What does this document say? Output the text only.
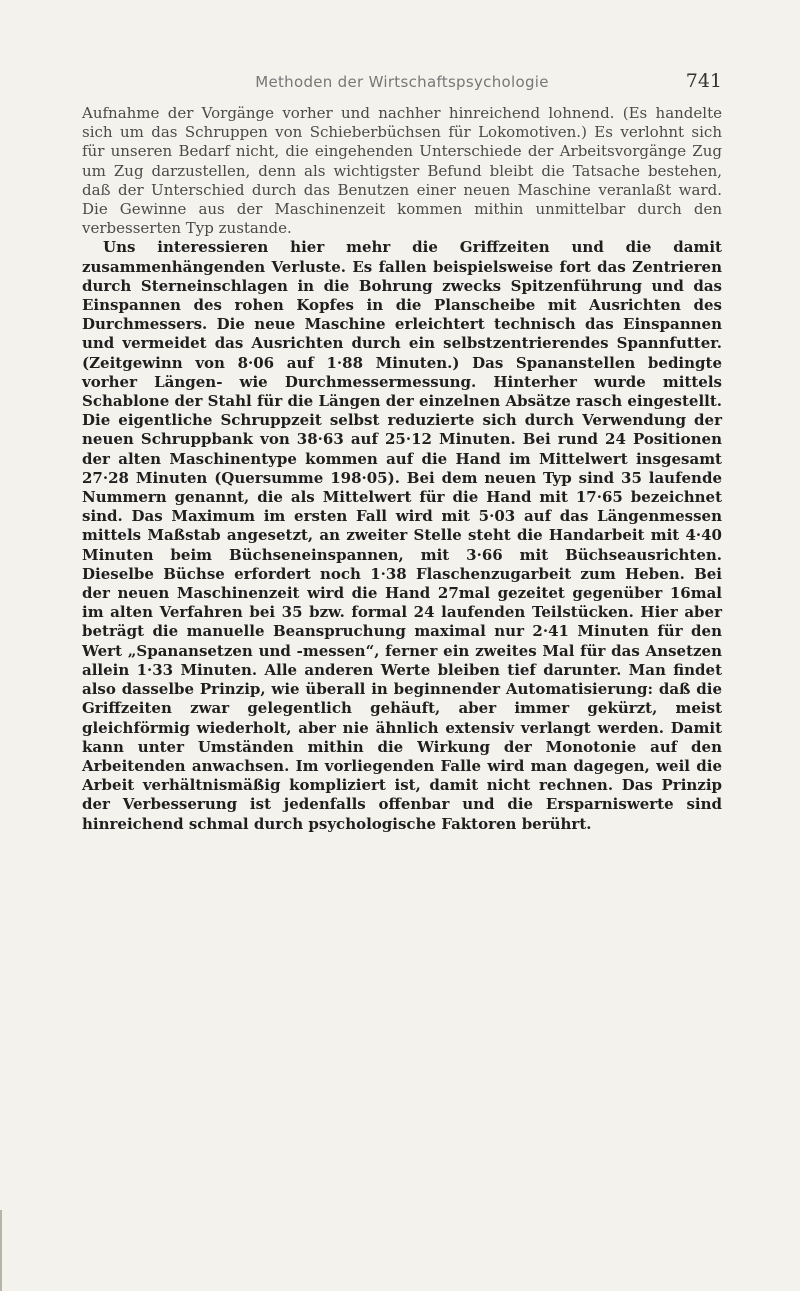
Methoden der Wirtschaftspsychologie	741

Aufnahme der Vorgänge vorher und nachher hinreichend lohnend. (Es handelte sich um das Schruppen von Schieberbüchsen für Lokomotiven.) Es verlohnt sich für unseren Bedarf nicht, die eingehenden Unterschiede der Arbeitsvorgänge Zug um Zug darzustellen, denn als wichtigster Befund bleibt die Tatsache bestehen, daß der Unterschied durch das Benutzen einer neuen Maschine veranlaßt ward. Die Gewinne aus der Maschinenzeit kommen mithin unmittelbar durch den verbesserten Typ zustande.

Uns interessieren hier mehr die Griffzeiten und die damit zusammenhängenden Verluste. Es fallen beispielsweise fort das Zentrieren durch Sterneinschlagen in die Bohrung zwecks Spitzenführung und das Einspannen des rohen Kopfes in die Planscheibe mit Ausrichten des Durchmessers. Die neue Maschine erleichtert technisch das Einspannen und vermeidet das Ausrichten durch ein selbstzentrierendes Spannfutter. (Zeitgewinn von 8·06 auf 1·88 Minuten.) Das Spananstellen bedingte vorher Längen- wie Durchmessermessung. Hinterher wurde mittels Schablone der Stahl für die Längen der einzelnen Absätze rasch eingestellt. Die eigentliche Schruppzeit selbst reduzierte sich durch Verwendung der neuen Schruppbank von 38·63 auf 25·12 Minuten. Bei rund 24 Positionen der alten Maschinentype kommen auf die Hand im Mittelwert insgesamt 27·28 Minuten (Quersumme 198·05). Bei dem neuen Typ sind 35 laufende Nummern genannt, die als Mittelwert für die Hand mit 17·65 bezeichnet sind. Das Maximum im ersten Fall wird mit 5·03 auf das Längenmessen mittels Maßstab angesetzt, an zweiter Stelle steht die Handarbeit mit 4·40 Minuten beim Büchseneinspannen, mit 3·66 mit Büchseausrichten. Dieselbe Büchse erfordert noch 1·38 Flaschenzugarbeit zum Heben. Bei der neuen Maschinenzeit wird die Hand 27mal gezeitet gegenüber 16mal im alten Verfahren bei 35 bzw. formal 24 laufenden Teilstücken. Hier aber beträgt die manuelle Beanspruchung maximal nur 2·41 Minuten für den Wert „Spanansetzen und -messen“, ferner ein zweites Mal für das Ansetzen allein 1·33 Minuten. Alle anderen Werte bleiben tief darunter. Man findet also dasselbe Prinzip, wie überall in beginnender Automatisierung: daß die Griffzeiten zwar gelegentlich gehäuft, aber immer gekürzt, meist gleichförmig wiederholt, aber nie ähnlich extensiv verlangt werden. Damit kann unter Umständen mithin die Wirkung der Monotonie auf den Arbeitenden anwachsen. Im vorliegenden Falle wird man dagegen, weil die Arbeit verhältnismäßig kompliziert ist, damit nicht rechnen. Das Prinzip der Verbesserung ist jedenfalls offenbar und die Ersparniswerte sind hinreichend schmal durch psychologische Faktoren berührt.
